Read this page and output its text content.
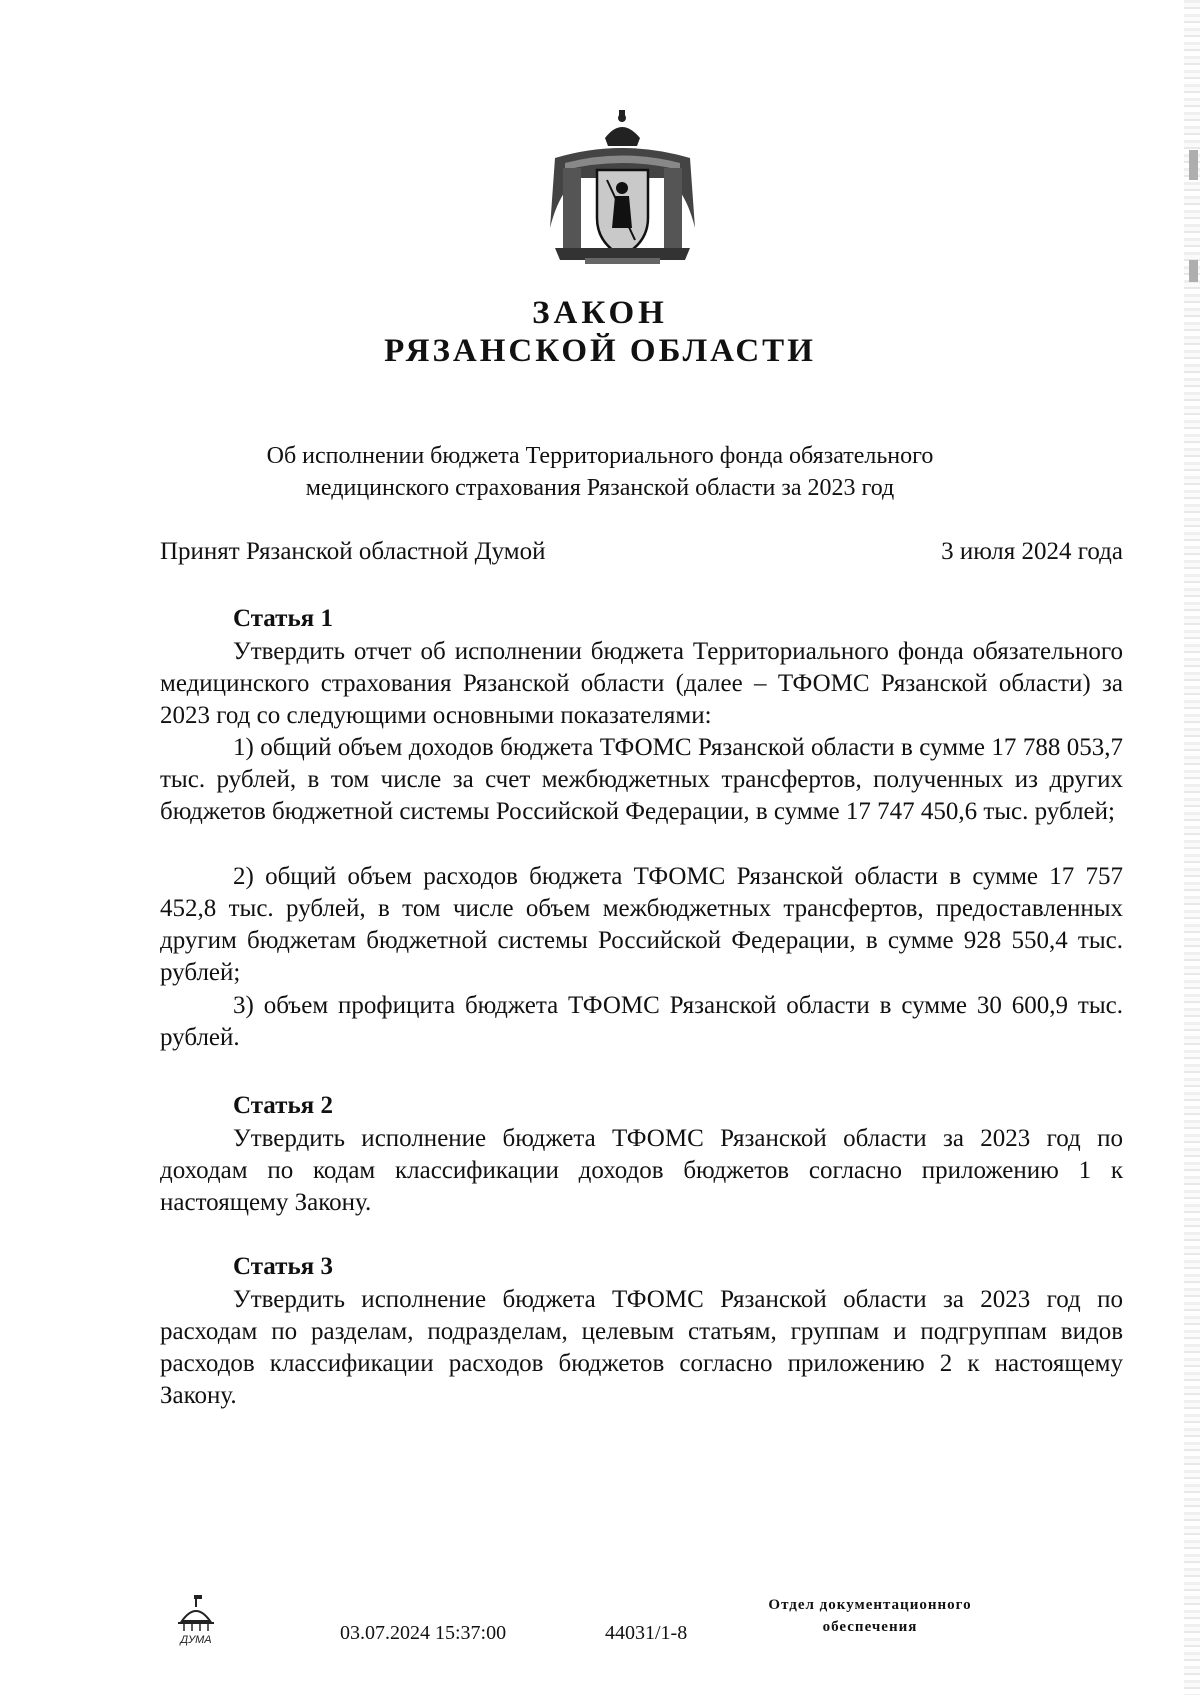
ЗАКОН
РЯЗАНСКОЙ ОБЛАСТИ
Об исполнении бюджета Территориального фонда обязательного
медицинского страхования Рязанской области за 2023 год
Принят Рязанской областной Думой	3 июля 2024 года
Статья 1
Утвердить отчет об исполнении бюджета Территориального фонда обязательного медицинского страхования Рязанской области (далее – ТФОМС Рязанской области) за 2023 год со следующими основными показателями:
1) общий объем доходов бюджета ТФОМС Рязанской области в сумме 17 788 053,7 тыс. рублей, в том числе за счет межбюджетных трансфертов, полученных из других бюджетов бюджетной системы Российской Федерации, в сумме 17 747 450,6 тыс. рублей;
2) общий объем расходов бюджета ТФОМС Рязанской области в сумме 17 757 452,8 тыс. рублей, в том числе объем межбюджетных трансфертов, предоставленных другим бюджетам бюджетной системы Российской Федерации, в сумме 928 550,4 тыс. рублей;
3) объем профицита бюджета ТФОМС Рязанской области в сумме 30 600,9 тыс. рублей.
Статья 2
Утвердить исполнение бюджета ТФОМС Рязанской области за 2023 год по доходам по кодам классификации доходов бюджетов согласно приложению 1 к настоящему Закону.
Статья 3
Утвердить исполнение бюджета ТФОМС Рязанской области за 2023 год по расходам по разделам, подразделам, целевым статьям, группам и подгруппам видов расходов классификации расходов бюджетов согласно приложению 2 к настоящему Закону.
ДУМА	03.07.2024 15:37:00	44031/1-8
Отдел документационного
обеспечения
